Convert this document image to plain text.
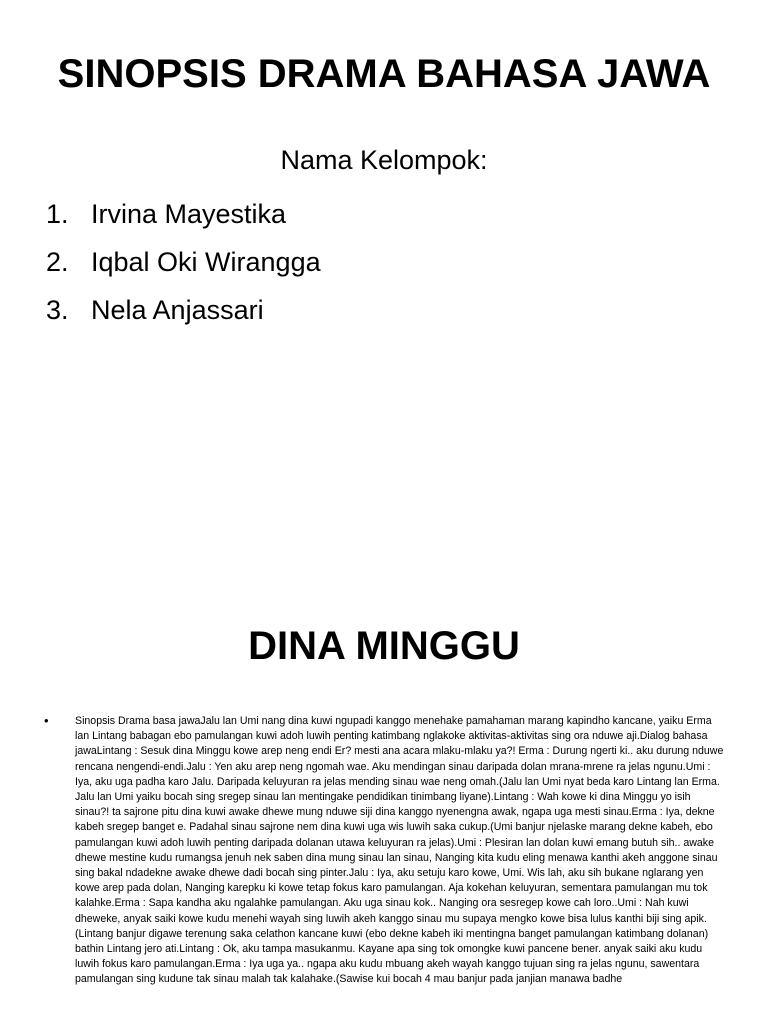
SINOPSIS DRAMA BAHASA JAWA

Nama Kelompok:

1. Irvina Mayestika
2. Iqbal Oki Wirangga
3. Nela Anjassari
DINA MINGGU
• Sinopsis Drama basa jawaJalu lan Umi nang dina kuwi ngupadi kanggo menehake pamahaman marang kapindho kancane, yaiku Erma lan Lintang babagan ebo pamulangan kuwi adoh luwih penting katimbang nglakoke aktivitas-aktivitas sing ora nduwe aji.Dialog bahasa jawaLintang : Sesuk dina Minggu kowe arep neng endi Er? mesti ana acara mlaku-mlaku ya?! Erma : Durung ngerti ki.. aku durung nduwe rencana nengendi-endi.Jalu : Yen aku arep neng ngomah wae. Aku mendingan sinau daripada dolan mrana-mrene ra jelas ngunu.Umi : Iya, aku uga padha karo Jalu. Daripada keluyuran ra jelas mending sinau wae neng omah.(Jalu lan Umi nyat beda karo Lintang lan Erma. Jalu lan Umi yaiku bocah sing sregep sinau lan mentingake pendidikan tinimbang liyane).Lintang : Wah kowe ki dina Minggu yo isih sinau?! ta sajrone pitu dina kuwi awake dhewe mung nduwe siji dina kanggo nyenengna awak, ngapa uga mesti sinau.Erma : Iya, dekne kabeh sregep banget e. Padahal sinau sajrone nem dina kuwi uga wis luwih saka cukup.(Umi banjur njelaske marang dekne kabeh, ebo pamulangan kuwi adoh luwih penting daripada dolanan utawa keluyuran ra jelas).Umi : Plesiran lan dolan kuwi emang butuh sih.. awake dhewe mestine kudu rumangsa jenuh nek saben dina mung sinau lan sinau, Nanging kita kudu eling menawa kanthi akeh anggone sinau sing bakal ndadekne awake dhewe dadi bocah sing pinter.Jalu : Iya, aku setuju karo kowe, Umi. Wis lah, aku sih bukane nglarang yen kowe arep pada dolan, Nanging karepku ki kowe tetap fokus karo pamulangan. Aja kokehan keluyuran, sementara pamulangan mu tok kalahke.Erma : Sapa kandha aku ngalahke pamulangan. Aku uga sinau kok.. Nanging ora sesregep kowe cah loro..Umi : Nah kuwi dheweke, anyak saiki kowe kudu menehi wayah sing luwih akeh kanggo sinau mu supaya mengko kowe bisa lulus kanthi biji sing apik.(Lintang banjur digawe terenung saka celathon kancane kuwi (ebo dekne kabeh iki mentingna banget pamulangan katimbang dolanan) bathin Lintang jero ati.Lintang : Ok, aku tampa masukanmu. Kayane apa sing tok omongke kuwi pancene bener. anyak saiki aku kudu luwih fokus karo pamulangan.Erma : Iya uga ya.. ngapa aku kudu mbuang akeh wayah kanggo tujuan sing ra jelas ngunu, sawentara pamulangan sing kudune tak sinau malah tak kalahake.(Sawise kui bocah 4 mau banjur pada janjian manawa badhe
